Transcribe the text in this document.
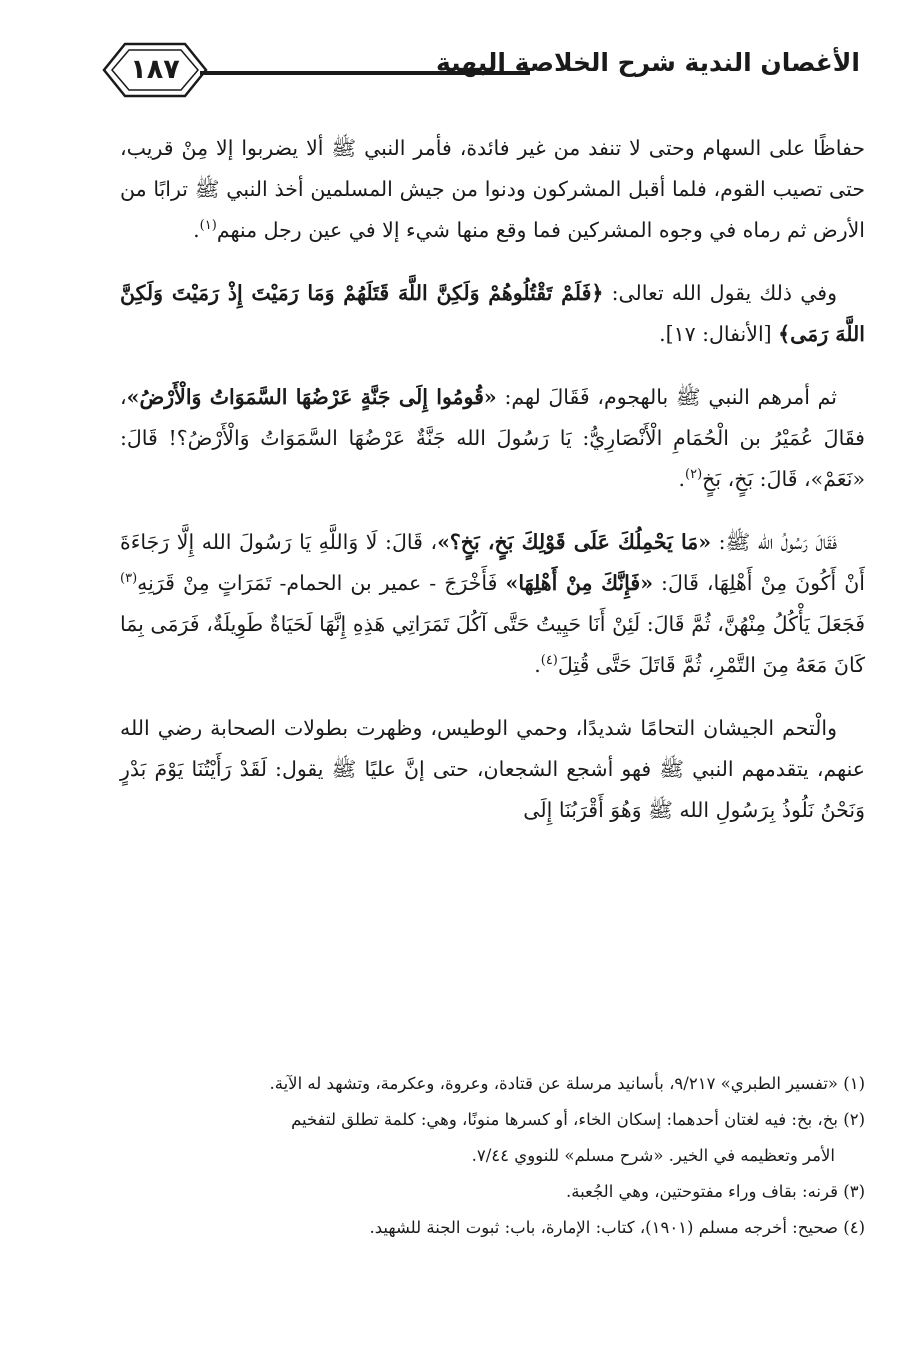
١٨٧	الأغصان الندية شرح الخلاصة البهية

حفاظًا على السهام وحتى لا تنفد من غير فائدة، فأمر النبي ﷺ ألا يضربوا إلا مِنْ قريب، حتى تصيب القوم، فلما أقبل المشركون ودنوا من جيش المسلمين أخذ النبي ﷺ ترابًا من الأرض ثم رماه في وجوه المشركين فما وقع منها شيء إلا في عين رجل منهم$^{(١)}$.

وفي ذلك يقول الله تعالى: ﴿فَلَمْ تَقْتُلُوهُمْ وَلَكِنَّ اللَّهَ قَتَلَهُمْ وَمَا رَمَيْتَ إِذْ رَمَيْتَ وَلَكِنَّ اللَّهَ رَمَى﴾ [الأنفال: ١٧].

ثم أمرهم النبي ﷺ بالهجوم، فَقَالَ لهم: «قُومُوا إِلَى جَنَّةٍ عَرْضُهَا السَّمَوَاتُ وَالْأَرْضُ»، فقَالَ عُمَيْرُ بن الْحُمَامِ الْأَنْصَارِيُّ: يَا رَسُولَ الله جَنَّةٌ عَرْضُهَا السَّمَوَاتُ وَالْأَرْضُ؟! قَالَ: «نَعَمْ»، قَالَ: بَخٍ، بَخٍ$^{(٢)}$.

فَقَالَ رَسُولُ الله ﷺ: «مَا يَحْمِلُكَ عَلَى قَوْلِكَ بَخٍ، بَخٍ؟»، قَالَ: لَا وَاللَّهِ يَا رَسُولَ الله إِلَّا رَجَاءَةَ أَنْ أَكُونَ مِنْ أَهْلِهَا، قَالَ: «فَإِنَّكَ مِنْ أَهْلِهَا» فَأَخْرَجَ - عمير بن الحمام- تَمَرَاتٍ مِنْ قَرَنِهِ$^{(٣)}$ فَجَعَلَ يَأْكُلُ مِنْهُنَّ، ثُمَّ قَالَ: لَئِنْ أَنَا حَيِيتُ حَتَّى آكُلَ تَمَرَاتِي هَذِهِ إِنَّهَا لَحَيَاةٌ طَوِيلَةٌ، فَرَمَى بِمَا كَانَ مَعَهُ مِنَ التَّمْرِ، ثُمَّ قَاتَلَ حَتَّى قُتِلَ$^{(٤)}$.

والْتحم الجيشان التحامًا شديدًا، وحمي الوطيس، وظهرت بطولات الصحابة رضي الله عنهم، يتقدمهم النبي ﷺ فهو أشجع الشجعان، حتى إنَّ عليًا ﷺ يقول: لَقَدْ رَأَيْتُنَا يَوْمَ بَدْرٍ وَنَحْنُ نَلُوذُ بِرَسُولِ الله ﷺ وَهُوَ أَقْرَبُنَا إِلَى

(١) «تفسير الطبري» ٩/٢١٧، بأسانيد مرسلة عن قتادة، وعروة، وعكرمة، وتشهد له الآية.

(٢) بخ، بخ: فيه لغتان أحدهما: إسكان الخاء، أو كسرها منونًا، وهي: كلمة تطلق لتفخيم

الأمر وتعظيمه في الخير. «شرح مسلم» للنووي ٧/٤٤.

(٣) قرنه: بقاف وراء مفتوحتين، وهي الجُعبة.

(٤) صحيح: أخرجه مسلم (١٩٠١)، كتاب: الإمارة، باب: ثبوت الجنة للشهيد.
